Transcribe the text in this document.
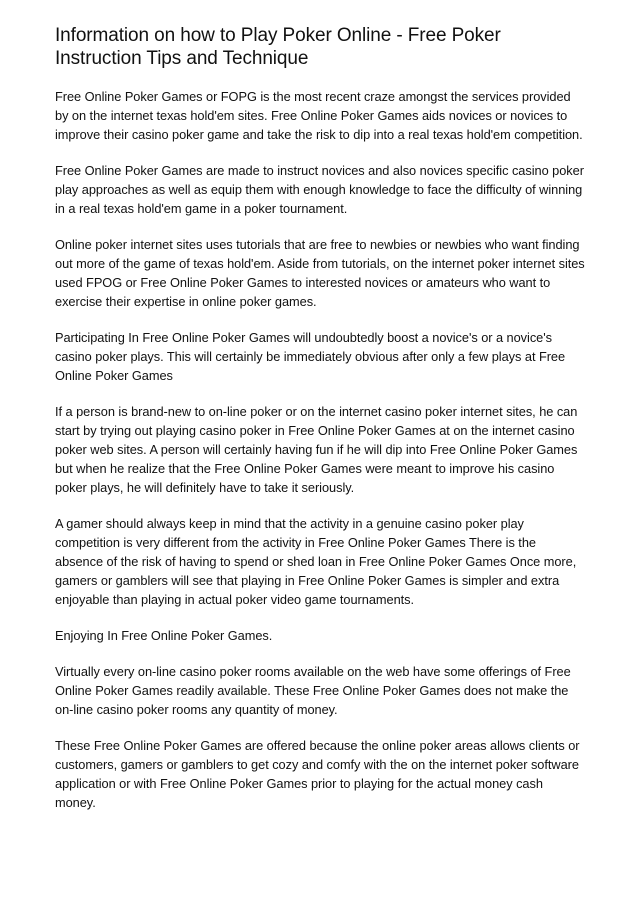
Information on how to Play Poker Online - Free Poker Instruction Tips and Technique

Free Online Poker Games or FOPG is the most recent craze amongst the services provided by on the internet texas hold'em sites. Free Online Poker Games aids novices or novices to improve their casino poker game and take the risk to dip into a real texas hold'em competition.

Free Online Poker Games are made to instruct novices and also novices specific casino poker play approaches as well as equip them with enough knowledge to face the difficulty of winning in a real texas hold'em game in a poker tournament.

Online poker internet sites uses tutorials that are free to newbies or newbies who want finding out more of the game of texas hold'em. Aside from tutorials, on the internet poker internet sites used FPOG or Free Online Poker Games to interested novices or amateurs who want to exercise their expertise in online poker games.

Participating In Free Online Poker Games will undoubtedly boost a novice's or a novice's casino poker plays. This will certainly be immediately obvious after only a few plays at Free Online Poker Games

If a person is brand-new to on-line poker or on the internet casino poker internet sites, he can start by trying out playing casino poker in Free Online Poker Games at on the internet casino poker web sites. A person will certainly having fun if he will dip into Free Online Poker Games but when he realize that the Free Online Poker Games were meant to improve his casino poker plays, he will definitely have to take it seriously.

A gamer should always keep in mind that the activity in a genuine casino poker play competition is very different from the activity in Free Online Poker Games There is the absence of the risk of having to spend or shed loan in Free Online Poker Games Once more, gamers or gamblers will see that playing in Free Online Poker Games is simpler and extra enjoyable than playing in actual poker video game tournaments.

Enjoying In Free Online Poker Games.

Virtually every on-line casino poker rooms available on the web have some offerings of Free Online Poker Games readily available. These Free Online Poker Games does not make the on-line casino poker rooms any quantity of money.

These Free Online Poker Games are offered because the online poker areas allows clients or customers, gamers or gamblers to get cozy and comfy with the on the internet poker software application or with Free Online Poker Games prior to playing for the actual money cash money.
